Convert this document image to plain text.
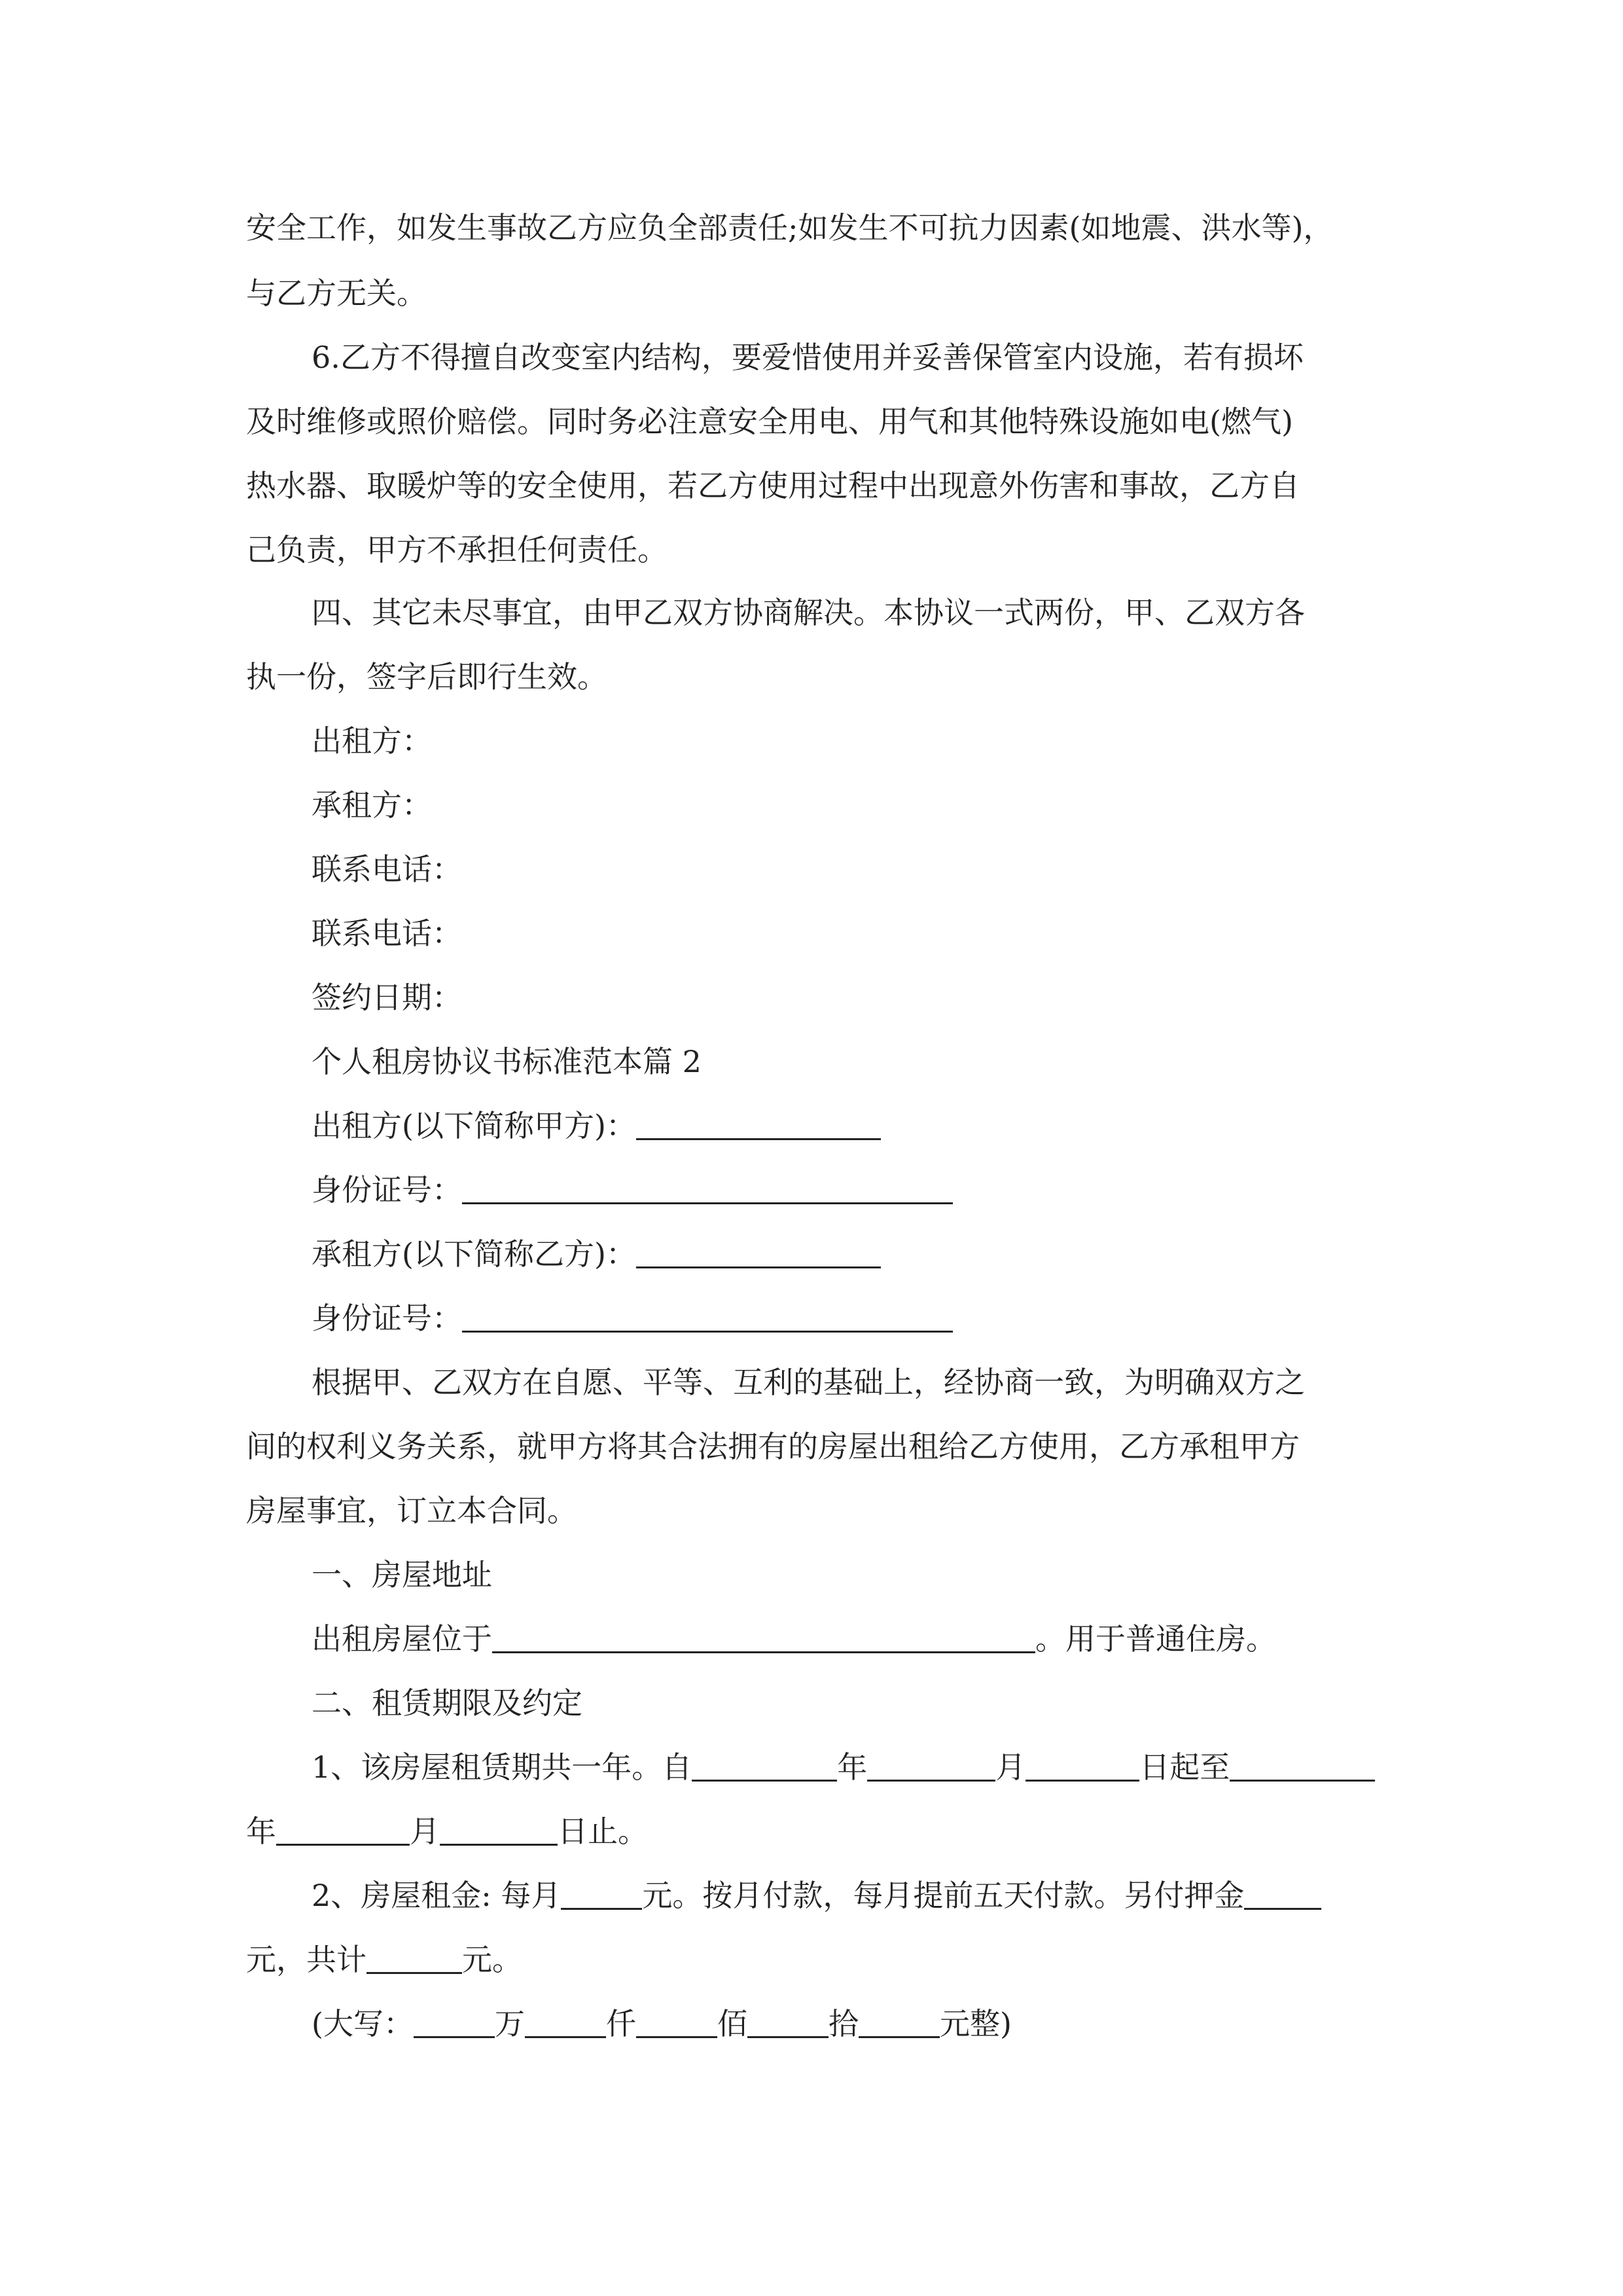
安全工作，如发生事故乙方应负全部责任;如发生不可抗力因素(如地震、洪水等)，
与乙方无关。
6.乙方不得擅自改变室内结构，要爱惜使用并妥善保管室内设施，若有损坏
及时维修或照价赔偿。同时务必注意安全用电、用气和其他特殊设施如电(燃气)
热水器、取暖炉等的安全使用，若乙方使用过程中出现意外伤害和事故，乙方自
己负责，甲方不承担任何责任。
四、其它未尽事宜，由甲乙双方协商解决。本协议一式两份，甲、乙双方各
执一份，签字后即行生效。
出租方：
承租方：
联系电话：
联系电话：
签约日期：
个人租房协议书标准范本篇 2
出租方(以下简称甲方)：
身份证号：
承租方(以下简称乙方)：
身份证号：
根据甲、乙双方在自愿、平等、互利的基础上，经协商一致，为明确双方之
间的权利义务关系，就甲方将其合法拥有的房屋出租给乙方使用，乙方承租甲方
房屋事宜，订立本合同。
一、房屋地址
出租房屋位于	。用于普通住房。
二、租赁期限及约定
1、该房屋租赁期共一年。自	年	月	日起至
年	月	日止。
2、房屋租金: 每月	元。按月付款，每月提前五天付款。另付押金
元，共计	元。
(大写：	万	仟	佰	拾	元整)
